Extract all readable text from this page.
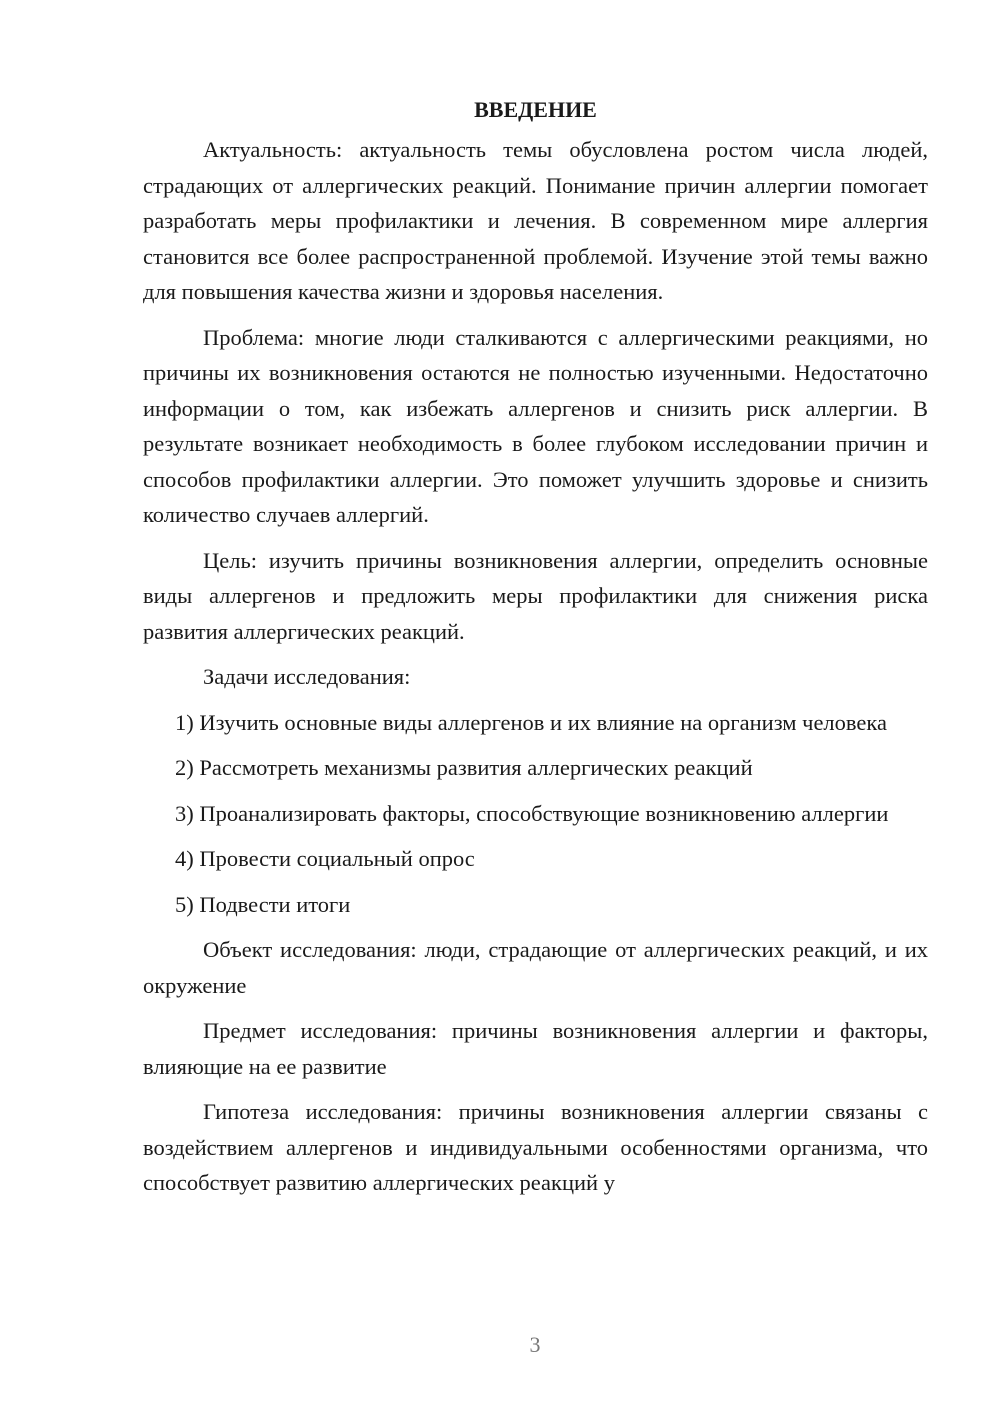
ВВЕДЕНИЕ

Актуальность: актуальность темы обусловлена ростом числа людей, страдающих от аллергических реакций. Понимание причин аллергии помогает разработать меры профилактики и лечения. В современном мире аллергия становится все более распространенной проблемой. Изучение этой темы важно для повышения качества жизни и здоровья населения.

Проблема: многие люди сталкиваются с аллергическими реакциями, но причины их возникновения остаются не полностью изученными. Недостаточно информации о том, как избежать аллергенов и снизить риск аллергии. В результате возникает необходимость в более глубоком исследовании причин и способов профилактики аллергии. Это поможет улучшить здоровье и снизить количество случаев аллергий.

Цель: изучить причины возникновения аллергии, определить основные виды аллергенов и предложить меры профилактики для снижения риска развития аллергических реакций.

Задачи исследования:

1) Изучить основные виды аллергенов и их влияние на организм человека

2) Рассмотреть механизмы развития аллергических реакций

3) Проанализировать факторы, способствующие возникновению аллергии

4) Провести социальный опрос

5) Подвести итоги

Объект исследования: люди, страдающие от аллергических реакций, и их окружение

Предмет исследования: причины возникновения аллергии и факторы, влияющие на ее развитие

Гипотеза исследования: причины возникновения аллергии связаны с воздействием аллергенов и индивидуальными особенностями организма, что способствует развитию аллергических реакций у

3
